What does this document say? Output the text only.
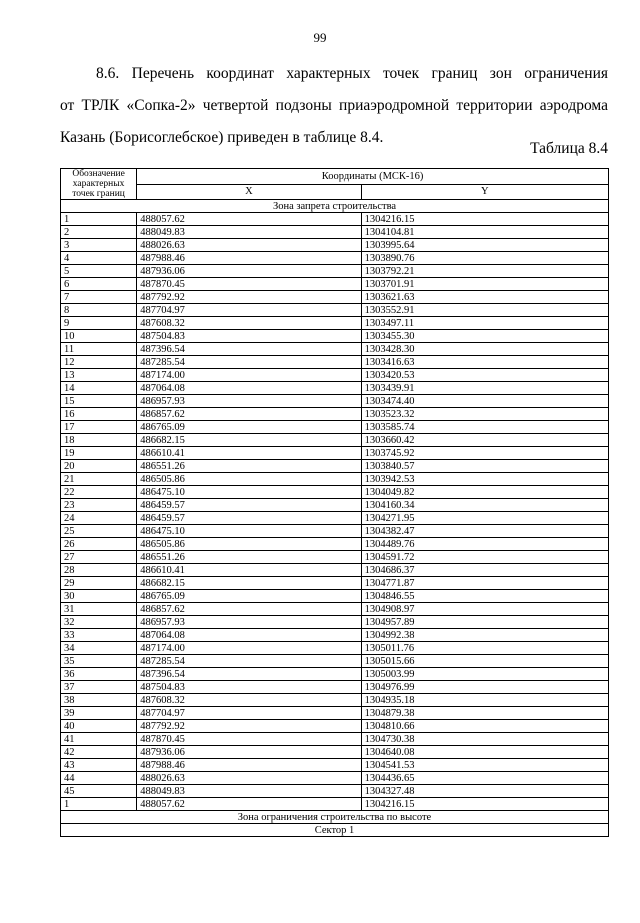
99

8.6. Перечень координат характерных точек границ зон ограничения
от ТРЛК «Сопка-2» четвертой подзоны приаэродромной территории аэродрома
Казань (Борисоглебское) приведен в таблице 8.4.

Таблица 8.4
Обозначение характерных точек границ	Координаты (МСК-16)	
	X	Y
Зона запрета строительства		
1	488057.62	1304216.15
2	488049.83	1304104.81
3	488026.63	1303995.64
4	487988.46	1303890.76
5	487936.06	1303792.21
6	487870.45	1303701.91
7	487792.92	1303621.63
8	487704.97	1303552.91
9	487608.32	1303497.11
10	487504.83	1303455.30
11	487396.54	1303428.30
12	487285.54	1303416.63
13	487174.00	1303420.53
14	487064.08	1303439.91
15	486957.93	1303474.40
16	486857.62	1303523.32
17	486765.09	1303585.74
18	486682.15	1303660.42
19	486610.41	1303745.92
20	486551.26	1303840.57
21	486505.86	1303942.53
22	486475.10	1304049.82
23	486459.57	1304160.34
24	486459.57	1304271.95
25	486475.10	1304382.47
26	486505.86	1304489.76
27	486551.26	1304591.72
28	486610.41	1304686.37
29	486682.15	1304771.87
30	486765.09	1304846.55
31	486857.62	1304908.97
32	486957.93	1304957.89
33	487064.08	1304992.38
34	487174.00	1305011.76
35	487285.54	1305015.66
36	487396.54	1305003.99
37	487504.83	1304976.99
38	487608.32	1304935.18
39	487704.97	1304879.38
40	487792.92	1304810.66
41	487870.45	1304730.38
42	487936.06	1304640.08
43	487988.46	1304541.53
44	488026.63	1304436.65
45	488049.83	1304327.48
1	488057.62	1304216.15
Зона ограничения строительства по высоте		
Сектор 1		
